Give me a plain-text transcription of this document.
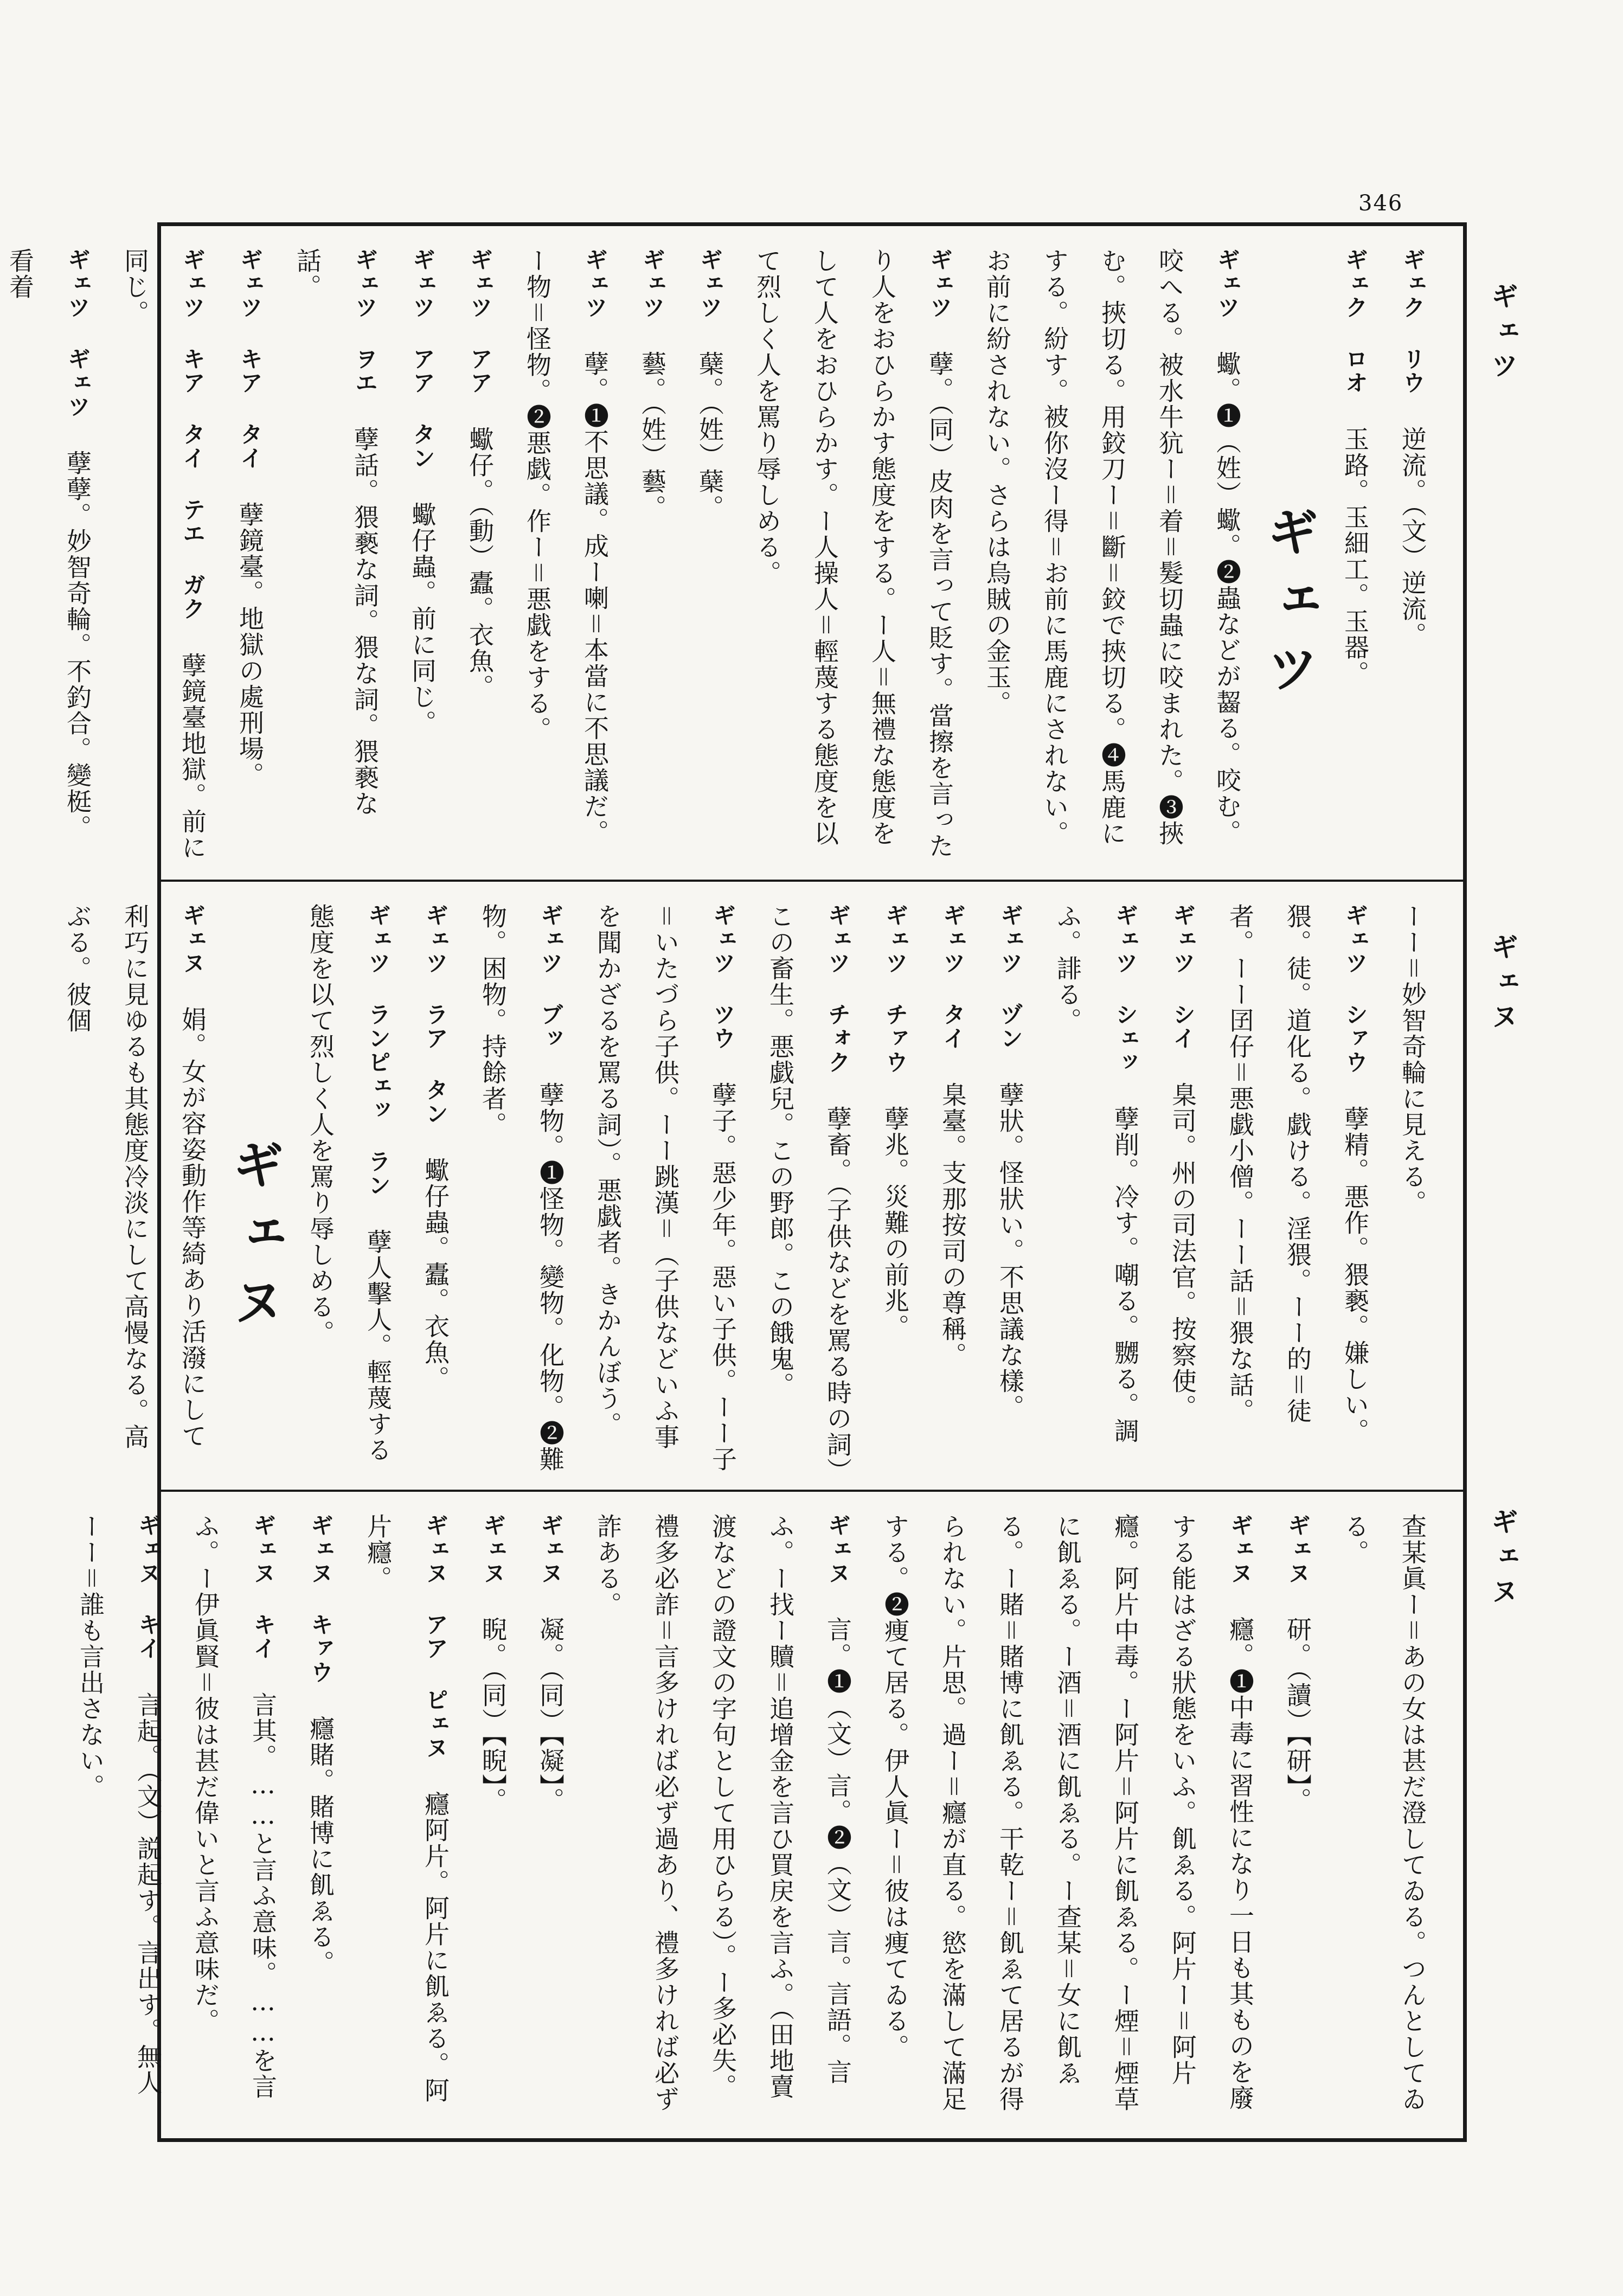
346
ギェツ
ギェヌ
ギェヌ
ギェク リウ　逆流。（文）逆流。
ギェク ロオ　玉路。玉細工。玉器。
ギェツ
ギェツ　蠍。❶（姓）蠍。❷蟲などが齧る。咬む。咬へる。被水牛犺ー＝着＝髮切蟲に咬まれた。❸挾む。挾切る。用鉸刀ー＝斷＝鉸で挾切る。❹馬鹿にする。紛す。被你沒ー得＝お前に馬鹿にされない。お前に紛されない。さらは烏賊の金玉。
ギェツ　孽。（同）皮肉を言って貶す。當擦を言ったり人をおひらかす態度をする。ー人＝無禮な態度をして人をおひらかす。ー人操人＝輕蔑する態度を以て烈しく人を罵り辱しめる。
ギェツ　蘖。（姓）蘖。
ギェツ　藝。（姓）藝。
ギェツ　孽。❶不思議。成ー喇＝本當に不思議だ。ー物＝怪物。❷悪戯。作ー＝悪戯をする。
ギェツ アア　蠍仔。（動）蠹。衣魚。
ギェツ アア タン　蠍仔蟲。前に同じ。
ギェツ ヲエ　孽話。猥褻な詞。猥な詞。猥褻な話。
ギェツ キア タイ　孽鏡臺。地獄の處刑場。
ギェツ キア タイ テエ ガク　孽鏡臺地獄。前に同じ。
ギェツ ギェツ　孽孽。妙智奇輪。不釣合。變梃。看着
ーー＝妙智奇輪に見える。
ギェツ シァウ　孽精。悪作。猥褻。嫌しい。猥。徒。道化る。戯ける。淫猥。ーー的＝徒者。ーー囝仔＝悪戯小僧。ーー話＝猥な話。
ギェツ シイ　臬司。州の司法官。按察使。
ギェツ シェッ　孽削。冷す。嘲る。嬲る。調ふ。誹る。
ギェツ ヅン　孽狀。怪狀い。不思議な樣。
ギェツ タイ　臬臺。支那按司の尊稱。
ギェツ チァウ　孽兆。災難の前兆。
ギェツ チォク　孽畜。（子供などを罵る時の詞）この畜生。悪戯兒。この野郎。この餓鬼。
ギェツ ツウ　孽子。惡少年。惡い子供。ーー子＝いたづら子供。ーー跳漢＝（子供などいふ事を聞かざるを罵る詞）。悪戯者。きかんぼう。
ギェツ ブッ　孽物。❶怪物。變物。化物。❷難物。困物。持餘者。
ギェツ ラア タン　蠍仔蟲。蠹。衣魚。
ギェツ ランピェッ ラン　孽人擊人。輕蔑する態度を以て烈しく人を罵り辱しめる。
ギェヌ
ギェヌ　娟。女が容姿動作等綺あり活潑にして利巧に見ゆるも其態度冷淡にして高慢なる。高ぶる。彼個
查某眞ー＝あの女は甚だ澄してゐる。つんとしてゐる。
ギェヌ　研。（讀）【研】。
ギェヌ　癮。❶中毒に習性になり一日も其ものを廢する能はざる狀態をいふ。飢ゑる。阿片ー＝阿片癮。阿片中毒。ー阿片＝阿片に飢ゑる。ー煙＝煙草に飢ゑる。ー酒＝酒に飢ゑる。ー查某＝女に飢ゑる。ー賭＝賭博に飢ゑる。干乾ー＝飢ゑて居るが得られない。片思。過ー＝癮が直る。慾を滿して滿足する。❷痩て居る。伊人眞ー＝彼は痩てゐる。
ギェヌ　言。❶（文）言。❷（文）言。言語。言ふ。ー找ー贖＝追增金を言ひ買戻を言ふ。（田地賣渡などの證文の字句として用ひらる）。ー多必失。禮多必詐＝言多ければ必ず過あり、禮多ければ必ず詐ある。
ギェヌ　凝。（同）【凝】。
ギェヌ　睨。（同）【睨】。
ギェヌ アア ピェヌ　癮阿片。阿片に飢ゑる。阿片癮。
ギェヌ キァウ　癮賭。賭博に飢ゑる。
ギェヌ キイ　言其。……と言ふ意味。……を言ふ。ー伊眞賢＝彼は甚だ偉いと言ふ意味だ。
ギェヌ キイ　言起。（文）説起す。言出す。無人ーー＝誰も言出さない。
